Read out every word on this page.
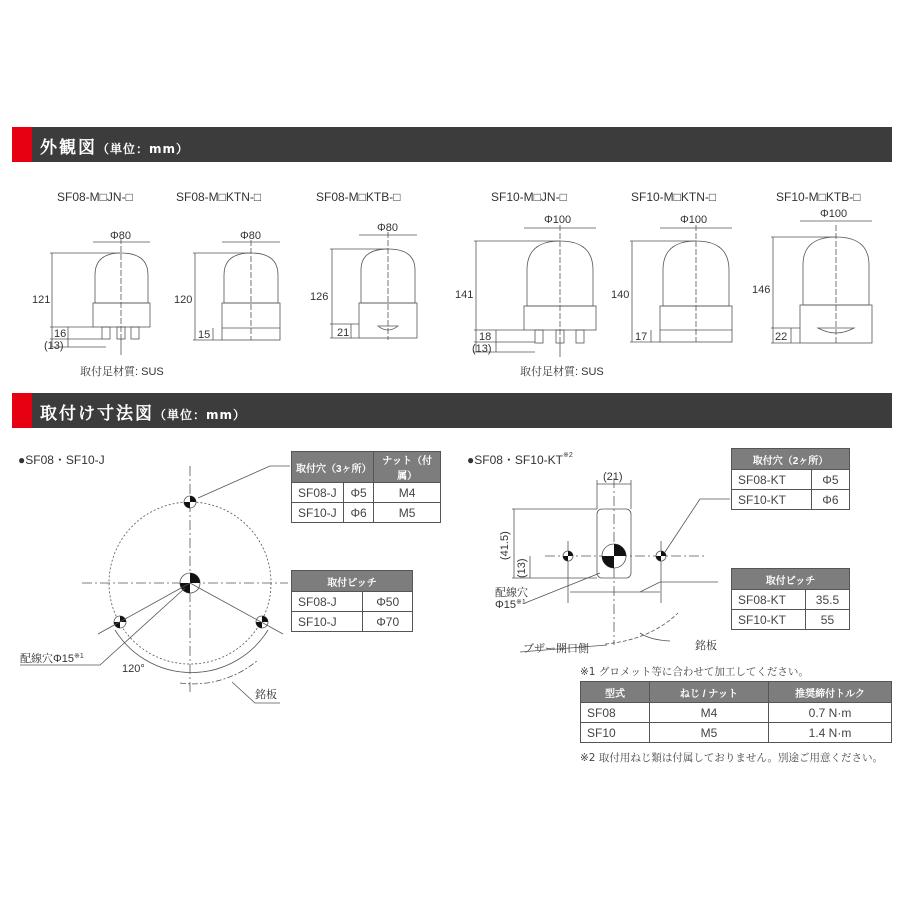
外観図（単位：mm）
取付け寸法図（単位：mm）
SF08-M□JN-□	SF08-M□KTN-□	SF08-M□KTB-□	SF10-M□JN-□	SF10-M□KTN-□	SF10-M□KTB-□
取付足材質: SUS	取付足材質: SUS
Φ80
121
16
(13)
Φ80
120
15
Φ80
126
21
Φ100
141
18
(13)
Φ100
140
17
Φ100
146
22
配線穴Φ15$^{※1}$
120°
銘板
(21)
(41.5)
(13)
配線穴
Φ15$^{※1}$
ブザー開口側	銘板
●SF08・SF10-J	●SF08・SF10-KT$^{※2}$
取付穴（3ヶ所）		ナット（付属）
SF08-J	Φ5	M4
SF10-J	Φ6	M5
取付ピッチ	
SF08-J	Φ50
SF10-J	Φ70
取付穴（2ヶ所）	
SF08-KT	Φ5
SF10-KT	Φ6
取付ピッチ	
SF08-KT	35.5
SF10-KT	55
※1 グロメット等に合わせて加工してください。
型式	ねじ / ナット	推奨締付トルク
SF08	M4	0.7 N·m
SF10	M5	1.4 N·m
※2 取付用ねじ類は付属しておりません。別途ご用意ください。
